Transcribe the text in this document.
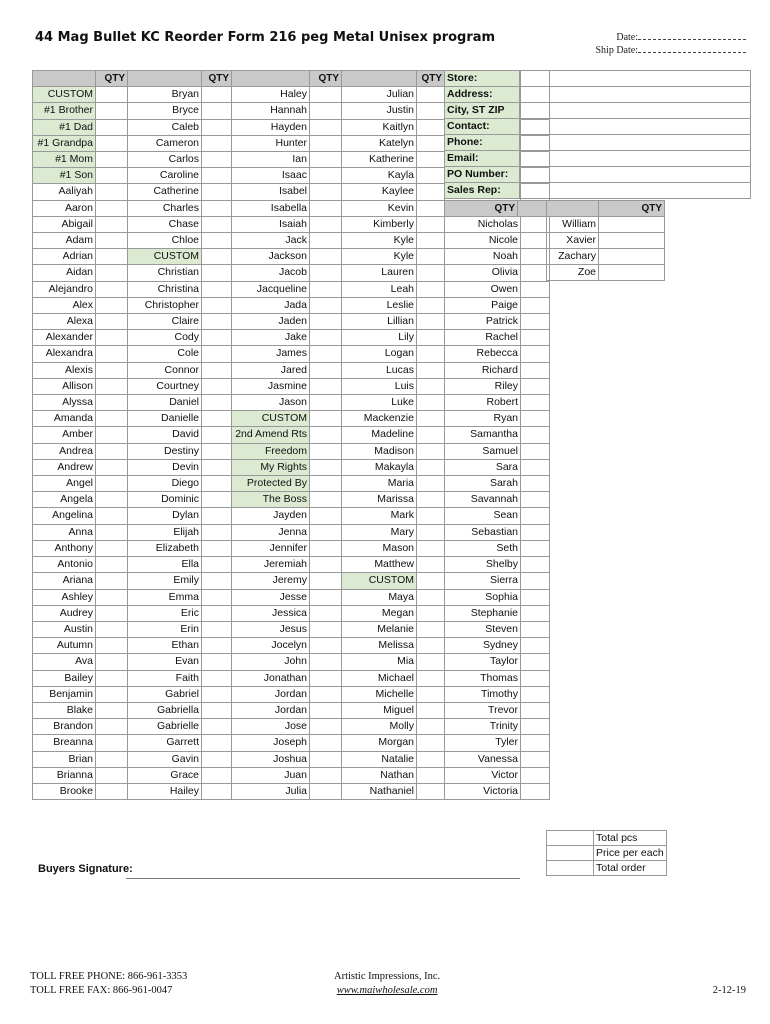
44 Mag Bullet KC Reorder Form 216 peg Metal Unisex program	Date:
Ship Date:
	QTY		QTY		QTY		QTY		
CUSTOM		Bryan		Haley		Julian			
#1 Brother		Bryce		Hannah		Justin			
#1 Dad		Caleb		Hayden		Kaitlyn			
#1 Grandpa		Cameron		Hunter		Katelyn			
#1 Mom		Carlos		Ian		Katherine			
#1 Son		Caroline		Isaac		Kayla			
Aaliyah		Catherine		Isabel		Kaylee			
Aaron		Charles		Isabella		Kevin			
Abigail		Chase		Isaiah		Kimberly		Nicholas	
Adam		Chloe		Jack		Kyle		Nicole	
Adrian		CUSTOM		Jackson		Kyle		Noah	
Aidan		Christian		Jacob		Lauren		Olivia	
Alejandro		Christina		Jacqueline		Leah		Owen	
Alex		Christopher		Jada		Leslie		Paige	
Alexa		Claire		Jaden		Lillian		Patrick	
Alexander		Cody		Jake		Lily		Rachel	
Alexandra		Cole		James		Logan		Rebecca	
Alexis		Connor		Jared		Lucas		Richard	
Allison		Courtney		Jasmine		Luis		Riley	
Alyssa		Daniel		Jason		Luke		Robert	
Amanda		Danielle		CUSTOM		Mackenzie		Ryan	
Amber		David		2nd Amend Rts		Madeline		Samantha	
Andrea		Destiny		Freedom		Madison		Samuel	
Andrew		Devin		My Rights		Makayla		Sara	
Angel		Diego		Protected By		Maria		Sarah	
Angela		Dominic		The Boss		Marissa		Savannah	
Angelina		Dylan		Jayden		Mark		Sean	
Anna		Elijah		Jenna		Mary		Sebastian	
Anthony		Elizabeth		Jennifer		Mason		Seth	
Antonio		Ella		Jeremiah		Matthew		Shelby	
Ariana		Emily		Jeremy		CUSTOM		Sierra	
Ashley		Emma		Jesse		Maya		Sophia	
Audrey		Eric		Jessica		Megan		Stephanie	
Austin		Erin		Jesus		Melanie		Steven	
Autumn		Ethan		Jocelyn		Melissa		Sydney	
Ava		Evan		John		Mia		Taylor	
Bailey		Faith		Jonathan		Michael		Thomas	
Benjamin		Gabriel		Jordan		Michelle		Timothy	
Blake		Gabriella		Jordan		Miguel		Trevor	
Brandon		Gabrielle		Jose		Molly		Trinity	
Breanna		Garrett		Joseph		Morgan		Tyler	
Brian		Gavin		Joshua		Natalie		Vanessa	
Brianna		Grace		Juan		Nathan		Victor	
Brooke		Hailey		Julia		Nathaniel		Victoria	
Store:	
Address:	
City, ST ZIP	
Contact:	
Phone:	
Email:	
PO Number:	
Sales Rep:	
QTY			QTY
		William	
		Xavier	
		Zachary	
		Zoe	
	Total pcs
	Price per each
	Total order
Buyers Signature:
TOLL FREE PHONE: 866-961-3353
TOLL FREE FAX: 866-961-0047
Artistic Impressions, Inc.
www.maiwholesale.com	2-12-19
